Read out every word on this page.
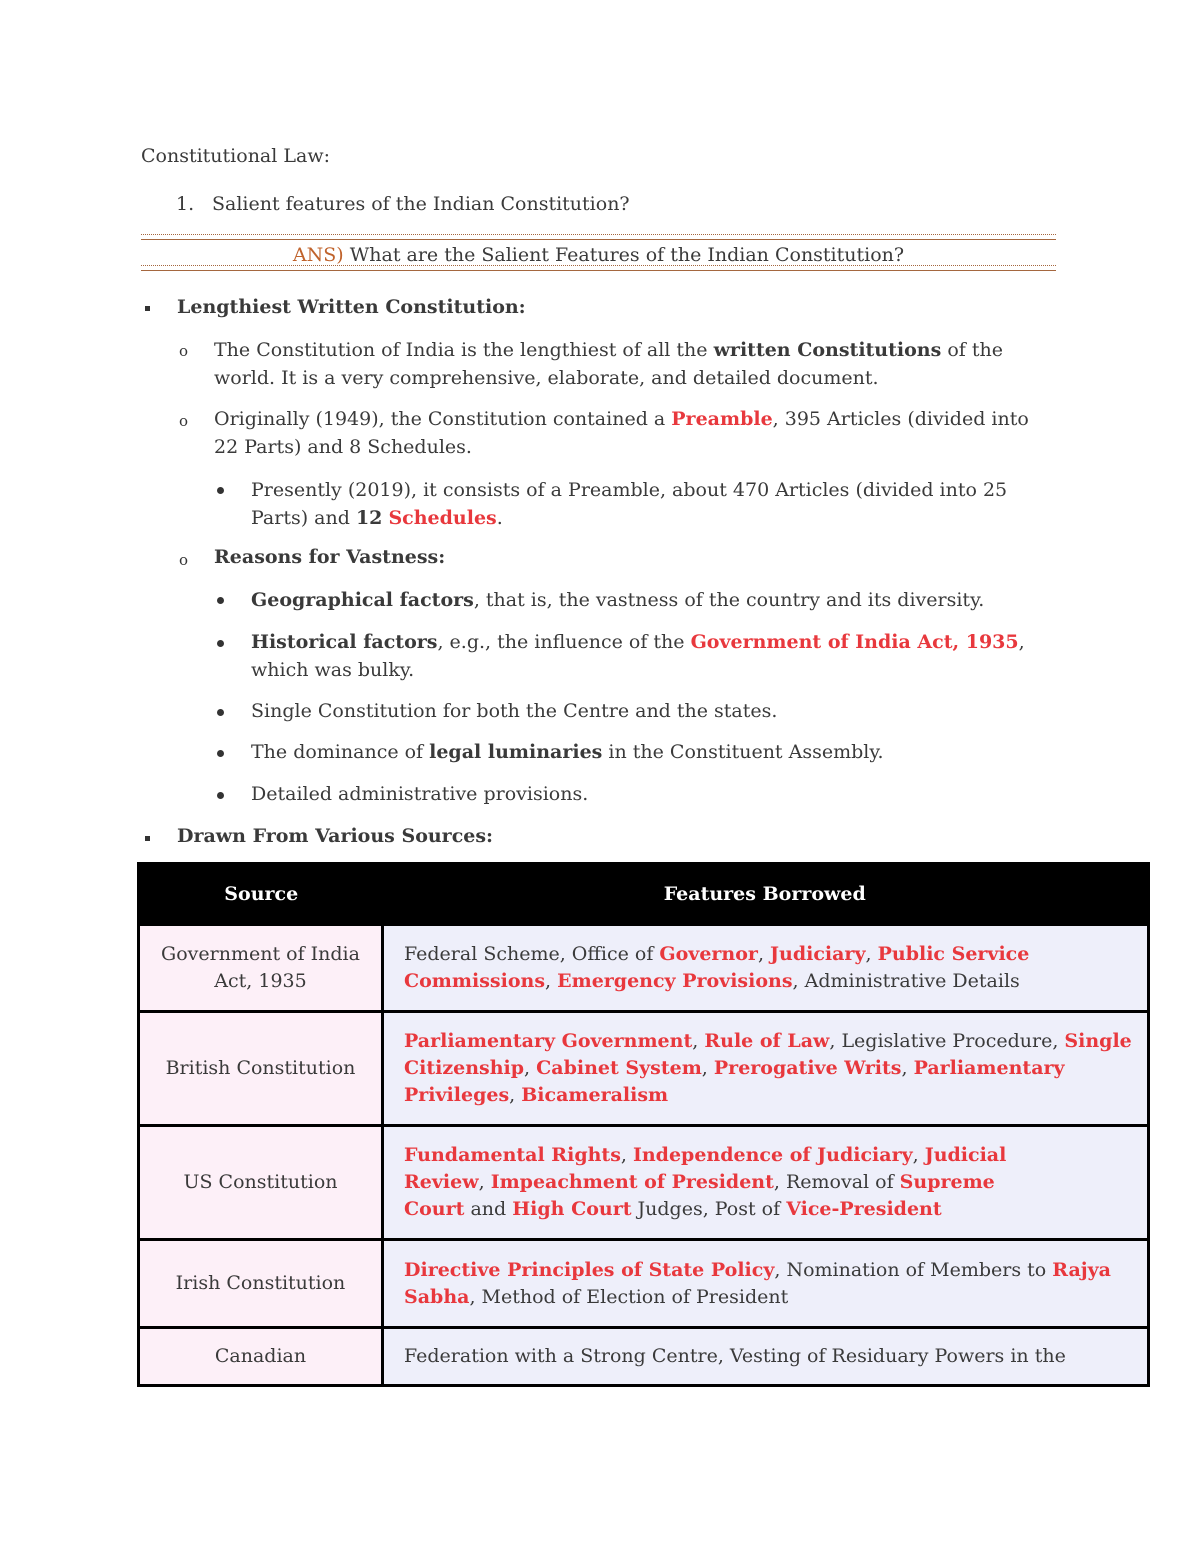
Constitutional Law:
1. Salient features of the Indian Constitution?
ANS) What are the Salient Features of the Indian Constitution?
Lengthiest Written Constitution:
o The Constitution of India is the lengthiest of all the written Constitutions of the
world. It is a very comprehensive, elaborate, and detailed document.
o Originally (1949), the Constitution contained a Preamble, 395 Articles (divided into
22 Parts) and 8 Schedules.
Presently (2019), it consists of a Preamble, about 470 Articles (divided into 25
Parts) and 12 Schedules.
o Reasons for Vastness:
Geographical factors, that is, the vastness of the country and its diversity.
Historical factors, e.g., the influence of the Government of India Act, 1935,
which was bulky.
Single Constitution for both the Centre and the states.
The dominance of legal luminaries in the Constituent Assembly.
Detailed administrative provisions.
Drawn From Various Sources:
Source	Features Borrowed
Government of India
Act, 1935	Federal Scheme, Office of Governor, Judiciary, Public Service
Commissions, Emergency Provisions, Administrative Details
British Constitution	Parliamentary Government, Rule of Law, Legislative Procedure, Single
Citizenship, Cabinet System, Prerogative Writs, Parliamentary
Privileges, Bicameralism
US Constitution	Fundamental Rights, Independence of Judiciary, Judicial
Review, Impeachment of President, Removal of Supreme
Court and High Court Judges, Post of Vice-President
Irish Constitution	Directive Principles of State Policy, Nomination of Members to Rajya
Sabha, Method of Election of President
Canadian	Federation with a Strong Centre, Vesting of Residuary Powers in the
